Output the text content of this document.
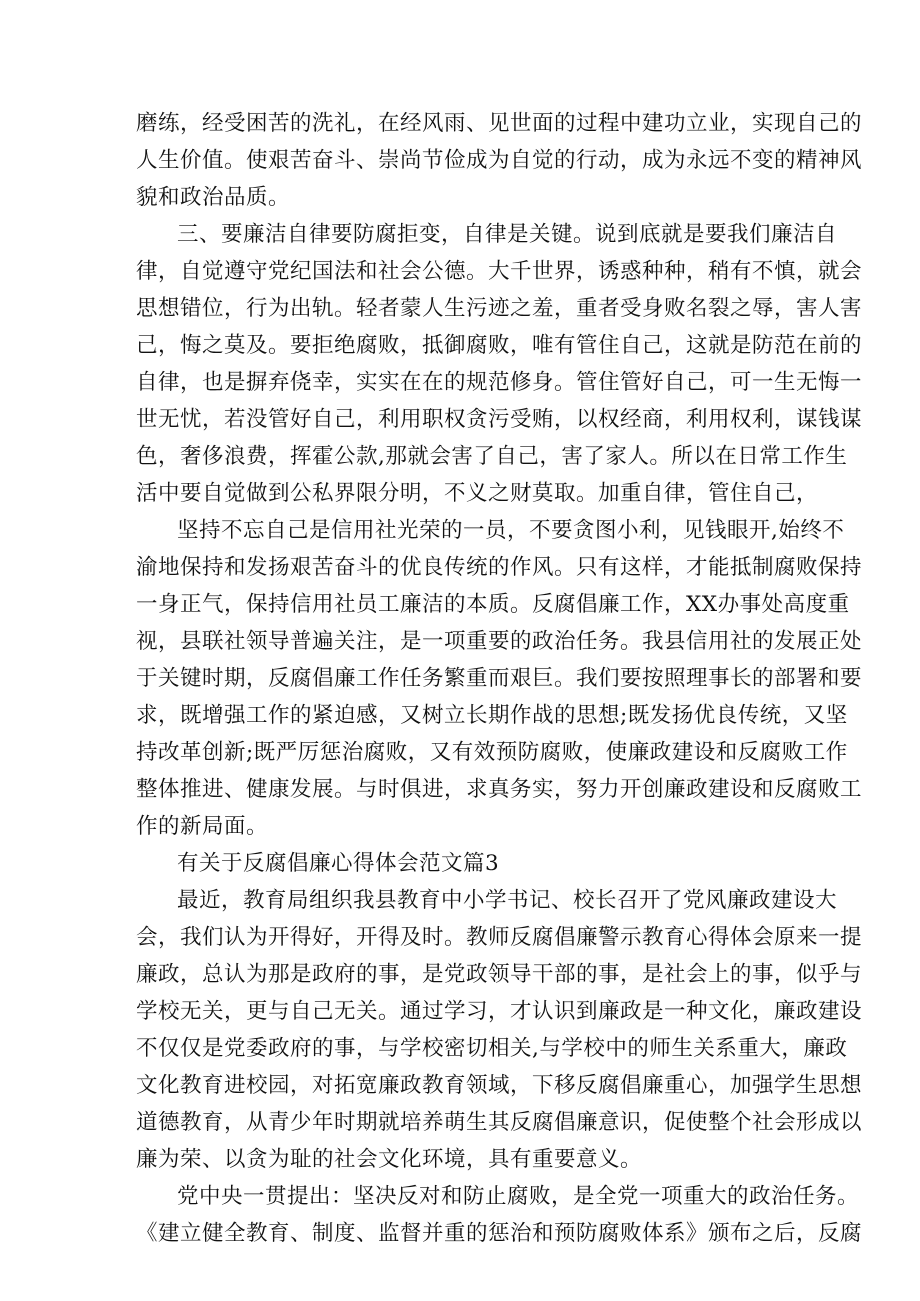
磨练，经受困苦的洗礼，在经风雨、见世面的过程中建功立业，实现自己的
人生价值。使艰苦奋斗、崇尚节俭成为自觉的行动，成为永远不变的精神风
貌和政治品质。
三、要廉洁自律要防腐拒变，自律是关键。说到底就是要我们廉洁自
律，自觉遵守党纪国法和社会公德。大千世界，诱惑种种，稍有不慎，就会
思想错位，行为出轨。轻者蒙人生污迹之羞，重者受身败名裂之辱，害人害
己，悔之莫及。要拒绝腐败，抵御腐败，唯有管住自己，这就是防范在前的
自律，也是摒弃侥幸，实实在在的规范修身。管住管好自己，可一生无悔一
世无忧，若没管好自己，利用职权贪污受贿，以权经商，利用权利，谋钱谋
色，奢侈浪费，挥霍公款,那就会害了自己，害了家人。所以在日常工作生
活中要自觉做到公私界限分明，不义之财莫取。加重自律，管住自己，
坚持不忘自己是信用社光荣的一员，不要贪图小利，见钱眼开,始终不
渝地保持和发扬艰苦奋斗的优良传统的作风。只有这样，才能抵制腐败保持
一身正气，保持信用社员工廉洁的本质。反腐倡廉工作，XX办事处高度重
视，县联社领导普遍关注，是一项重要的政治任务。我县信用社的发展正处
于关键时期，反腐倡廉工作任务繁重而艰巨。我们要按照理事长的部署和要
求，既增强工作的紧迫感，又树立长期作战的思想;既发扬优良传统，又坚
持改革创新;既严厉惩治腐败，又有效预防腐败，使廉政建设和反腐败工作
整体推进、健康发展。与时俱进，求真务实，努力开创廉政建设和反腐败工
作的新局面。
有关于反腐倡廉心得体会范文篇3
最近，教育局组织我县教育中小学书记、校长召开了党风廉政建设大
会，我们认为开得好，开得及时。教师反腐倡廉警示教育心得体会原来一提
廉政，总认为那是政府的事，是党政领导干部的事，是社会上的事，似乎与
学校无关，更与自己无关。通过学习，才认识到廉政是一种文化，廉政建设
不仅仅是党委政府的事，与学校密切相关,与学校中的师生关系重大，廉政
文化教育进校园，对拓宽廉政教育领域，下移反腐倡廉重心，加强学生思想
道德教育，从青少年时期就培养萌生其反腐倡廉意识，促使整个社会形成以
廉为荣、以贪为耻的社会文化环境，具有重要意义。
党中央一贯提出：坚决反对和防止腐败，是全党一项重大的政治任务。
《建立健全教育、制度、监督并重的惩治和预防腐败体系》颁布之后，反腐
